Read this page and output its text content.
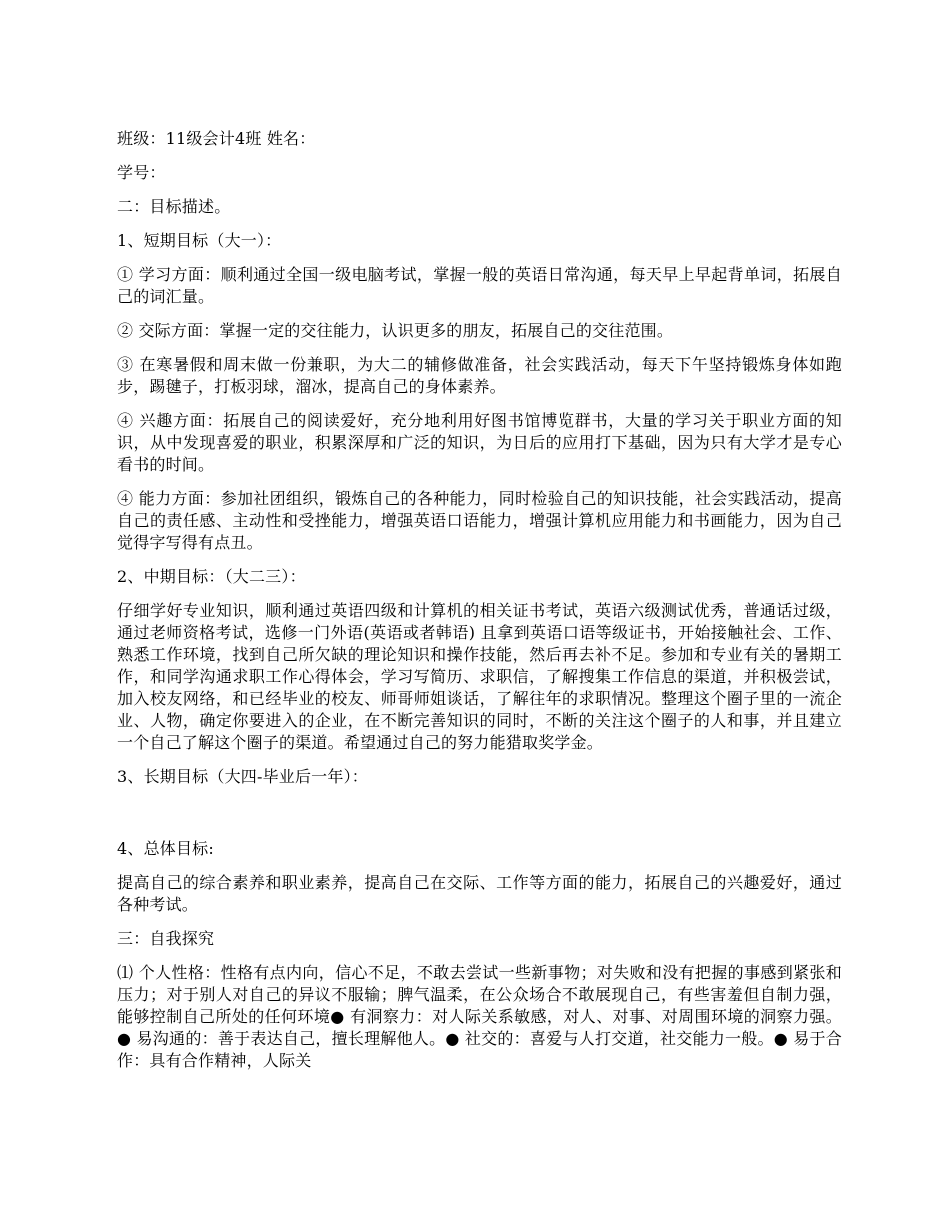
班级：11级会计4班 姓名：

学号：

二：目标描述。

1、短期目标（大一）：

① 学习方面：顺利通过全国一级电脑考试，掌握一般的英语日常沟通，每天早上早起背单词，拓展自己的词汇量。

② 交际方面：掌握一定的交往能力，认识更多的朋友，拓展自己的交往范围。

③ 在寒暑假和周末做一份兼职，为大二的辅修做准备，社会实践活动，每天下午坚持锻炼身体如跑步，踢毽子，打板羽球，溜冰，提高自己的身体素养。

④ 兴趣方面：拓展自己的阅读爱好，充分地利用好图书馆博览群书，大量的学习关于职业方面的知识，从中发现喜爱的职业，积累深厚和广泛的知识，为日后的应用打下基础，因为只有大学才是专心看书的时间。

④ 能力方面：参加社团组织，锻炼自己的各种能力，同时检验自己的知识技能，社会实践活动，提高自己的责任感、主动性和受挫能力，增强英语口语能力，增强计算机应用能力和书画能力，因为自己觉得字写得有点丑。

2、中期目标：（大二三）：

仔细学好专业知识，顺利通过英语四级和计算机的相关证书考试，英语六级测试优秀，普通话过级，通过老师资格考试，选修一门外语(英语或者韩语) 且拿到英语口语等级证书，开始接触社会、工作、熟悉工作环境，找到自己所欠缺的理论知识和操作技能，然后再去补不足。参加和专业有关的暑期工作，和同学沟通求职工作心得体会，学习写简历、求职信，了解搜集工作信息的渠道，并积极尝试，加入校友网络，和已经毕业的校友、师哥师姐谈话，了解往年的求职情况。整理这个圈子里的一流企业、人物，确定你要进入的企业，在不断完善知识的同时，不断的关注这个圈子的人和事，并且建立一个自己了解这个圈子的渠道。希望通过自己的努力能猎取奖学金。

3、长期目标（大四-毕业后一年）：

4、总体目标:

提高自己的综合素养和职业素养，提高自己在交际、工作等方面的能力，拓展自己的兴趣爱好，通过各种考试。

三：自我探究

⑴ 个人性格：性格有点内向，信心不足，不敢去尝试一些新事物；对失败和没有把握的事感到紧张和压力；对于别人对自己的异议不服输；脾气温柔，在公众场合不敢展现自己，有些害羞但自制力强，能够控制自己所处的任何环境● 有洞察力：对人际关系敏感，对人、对事、对周围环境的洞察力强。● 易沟通的：善于表达自己，擅长理解他人。● 社交的：喜爱与人打交道，社交能力一般。● 易于合作：具有合作精神，人际关
